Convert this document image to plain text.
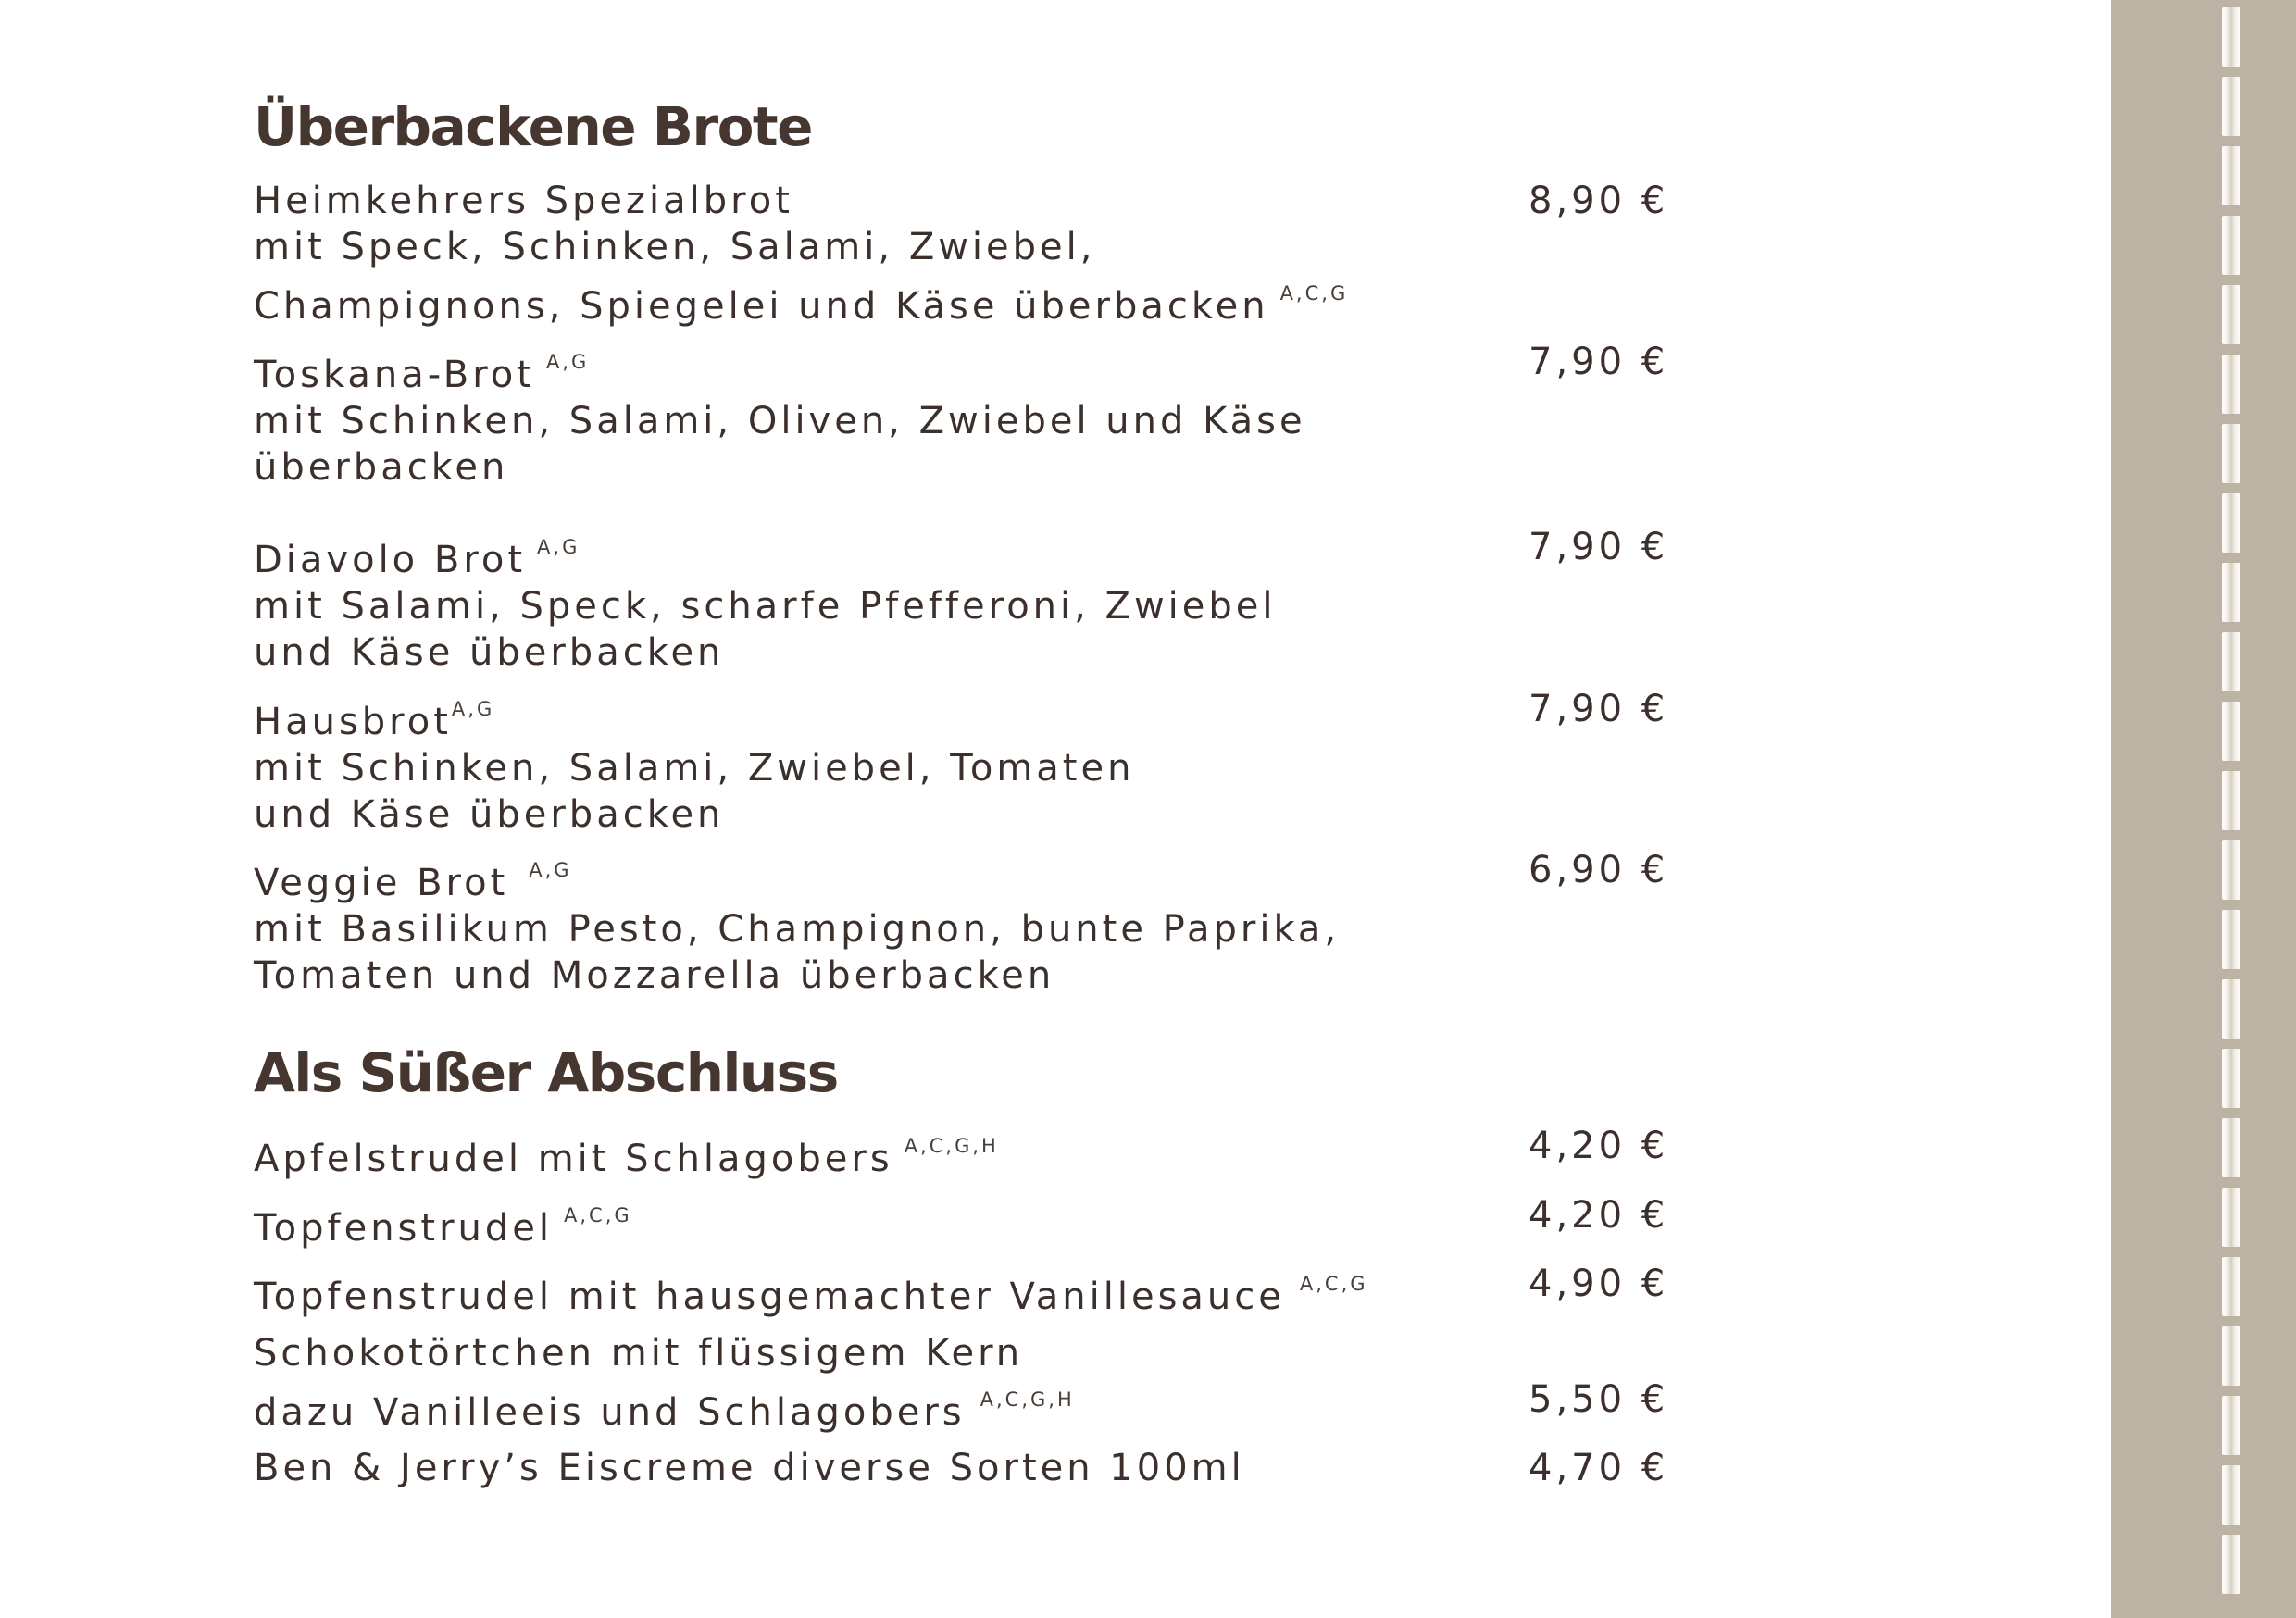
Überbackene Brote
Heimkehrers Spezialbrot
mit Speck, Schinken, Salami, Zwiebel,
Champignons, Spiegelei und Käse überbacken $^{A,C,G}$
8,90 €
Toskana-Brot $^{A,G}$
mit Schinken, Salami, Oliven, Zwiebel und Käse
überbacken
7,90 €
Diavolo Brot $^{A,G}$
mit Salami, Speck, scharfe Pfefferoni, Zwiebel
und Käse überbacken
7,90 €
Hausbrot$^{A,G}$
mit Schinken, Salami, Zwiebel, Tomaten
und Käse überbacken
7,90 €
Veggie Brot $^{A,G}$
mit Basilikum Pesto, Champignon, bunte Paprika,
Tomaten und Mozzarella überbacken
6,90 €
Als Süßer Abschluss
Apfelstrudel mit Schlagobers $^{A,C,G,H}$	4,20 €
Topfenstrudel $^{A,C,G}$	4,20 €
Topfenstrudel mit hausgemachter Vanillesauce $^{A,C,G}$	4,90 €
Schokotörtchen mit flüssigem Kern
dazu Vanilleeis und Schlagobers $^{A,C,G,H}$	5,50 €
Ben & Jerry’s Eiscreme diverse Sorten 100ml	4,70 €
